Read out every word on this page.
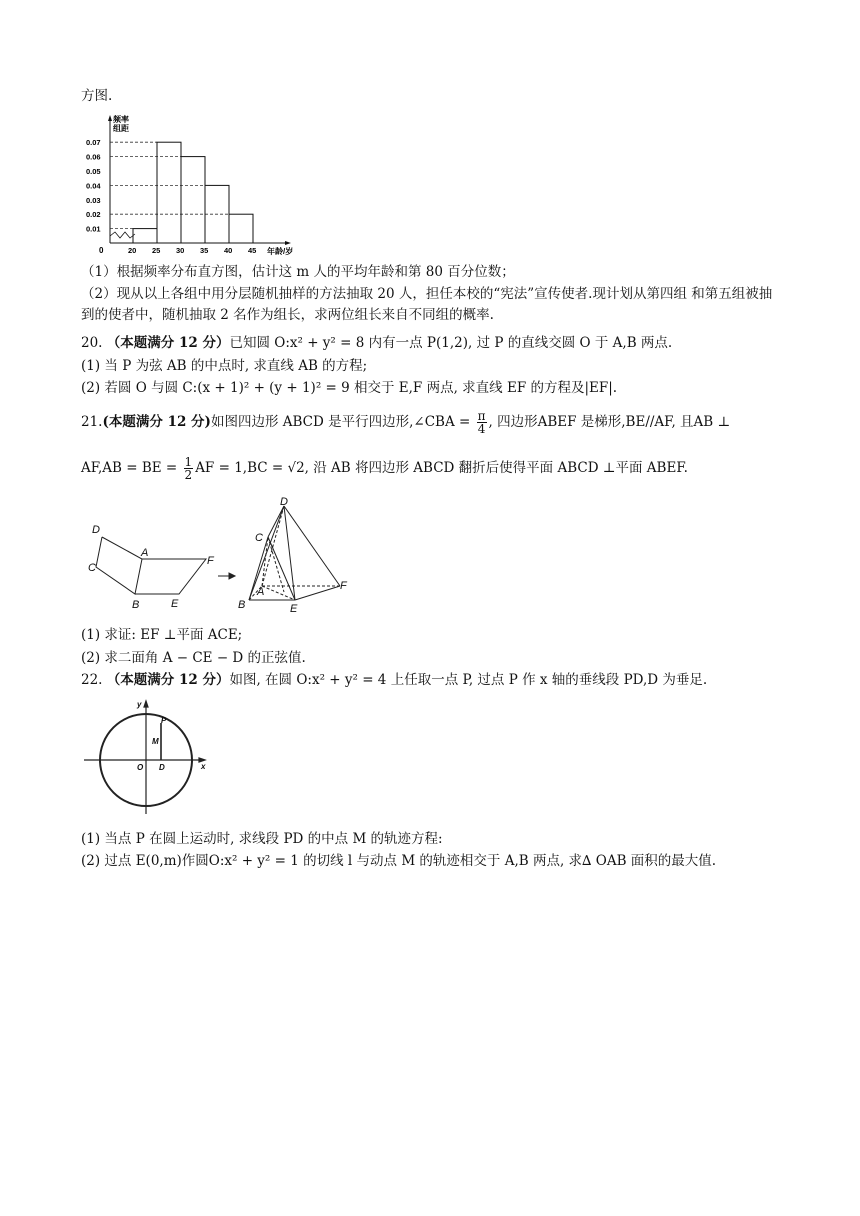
方图.
频率
组距
年龄/岁
0
0.01
0.02
0.03
0.04
0.05
0.06
0.07
20 25 30 35 40 45
（1）根据频率分布直方图，估计这 m 人的平均年龄和第 80 百分位数；
（2）现从以上各组中用分层随机抽样的方法抽取 20 人，担任本校的“宪法”宣传使者.现计划从第四组 和第五组被抽到的使者中，随机抽取 2 名作为组长，求两位组长来自不同组的概率.
20. （本题满分 12 分）已知圆 O:x² + y² = 8 内有一点 P(1,2), 过 P 的直线交圆 O 于 A,B 两点.
(1) 当 P 为弦 AB 的中点时, 求直线 AB 的方程;
(2) 若圆 O 与圆 C:(x + 1)² + (y + 1)² = 9 相交于 E,F 两点, 求直线 EF 的方程及|EF|.
21.(本题满分 12 分)如图四边形 ABCD 是平行四边形,∠CBA = $\frac{\pi}{4}$ , 四边形ABEF 是梯形,BE//AF, 且AB ⊥
AF,AB = BE = $\frac{1}{2}$ AF = 1,BC = √2, 沿 AB 将四边形 ABCD 翻折后使得平面 ABCD ⊥平面 ABEF.
D
C
A
B	E
F
D
C
A
B	E
F
(1) 求证: EF ⊥平面 ACE;
(2) 求二面角 A − CE − D 的正弦值.
22. （本题满分 12 分）如图, 在圆 O:x² + y² = 4 上任取一点 P, 过点 P 作 x 轴的垂线段 PD,D 为垂足.
y
x
O
P
M
D
(1) 当点 P 在圆上运动时, 求线段 PD 的中点 M 的轨迹方程:
(2) 过点 E(0,m)作圆O:x² + y² = 1 的切线 l 与动点 M 的轨迹相交于 A,B 两点, 求∆ OAB 面积的最大值.
